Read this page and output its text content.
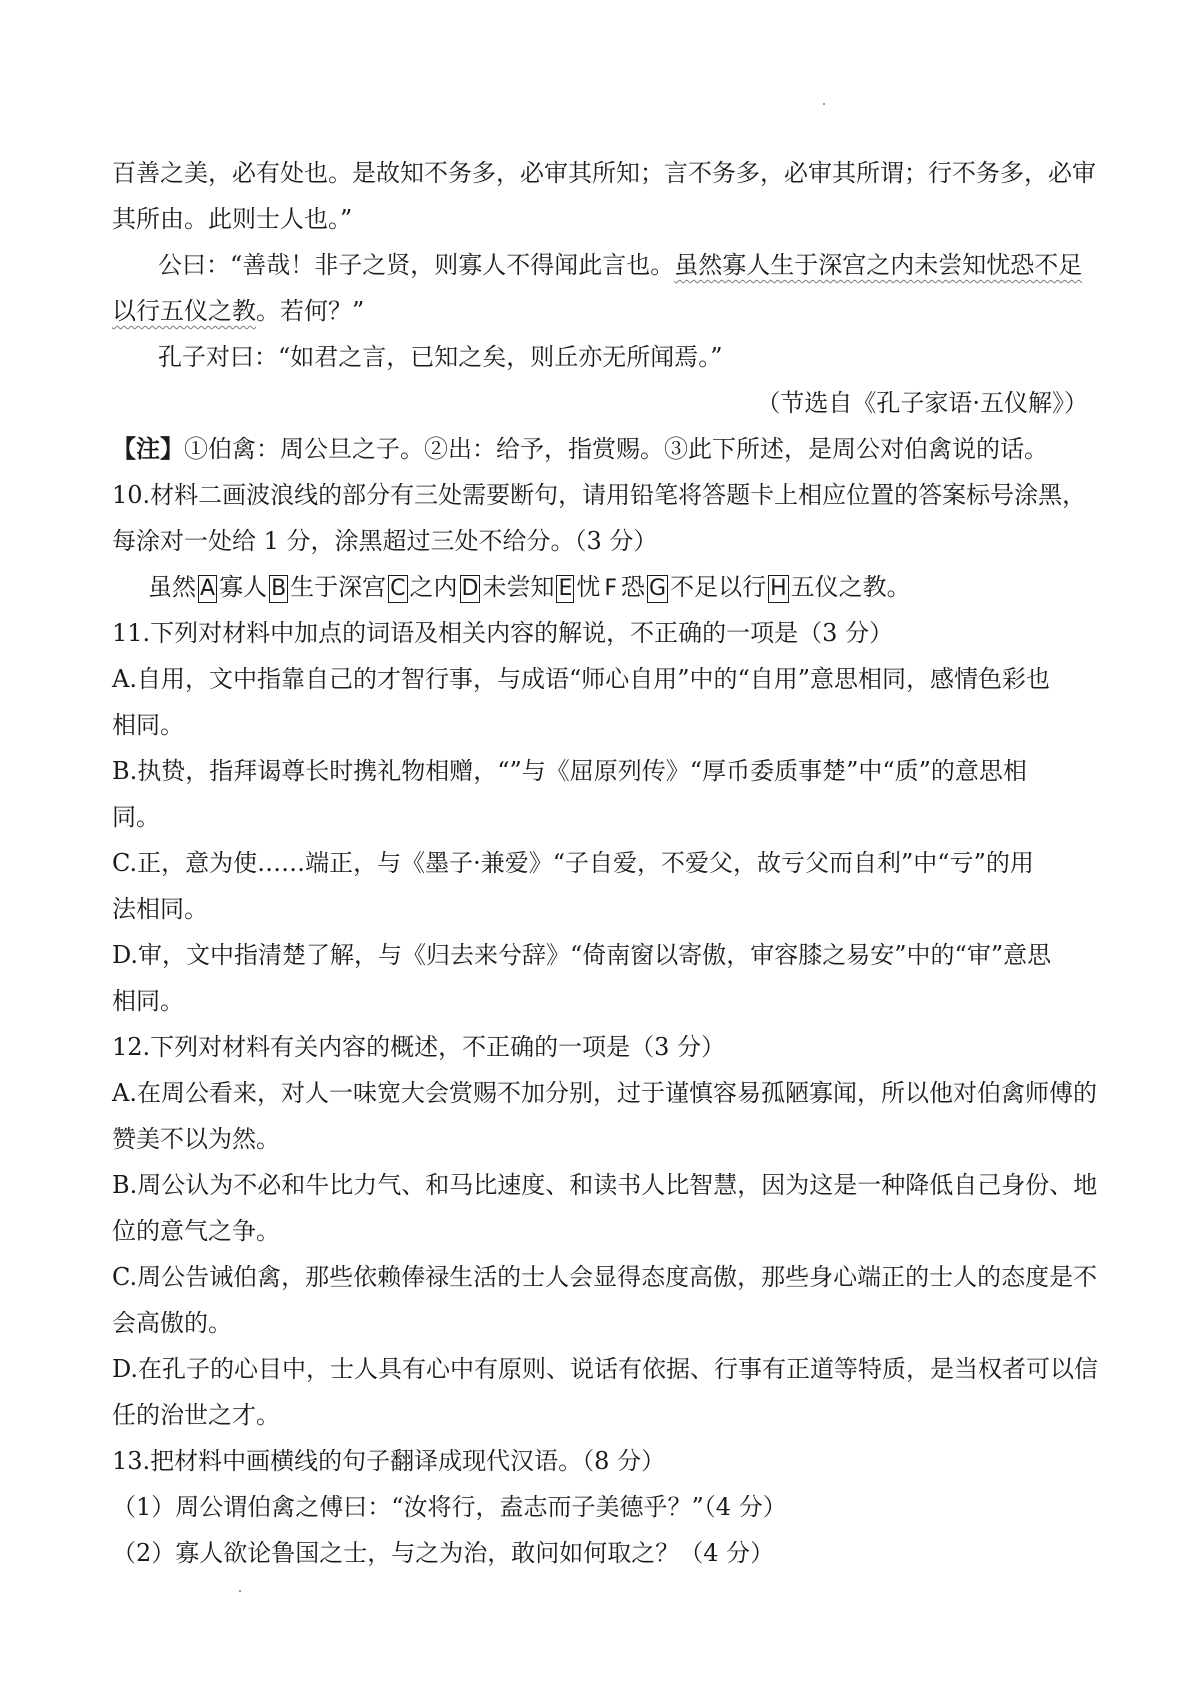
百善之美，必有处也。是故知不务多，必审其所知；言不务多，必审其所谓；行不务多，必审
其所由。此则士人也。”
公曰：“善哉！非子之贤，则寡人不得闻此言也。虽然寡人生于深宫之内未尝知忧恐不足
以行五仪之教。若何？”
孔子对曰：“如君之言，已知之矣，则丘亦无所闻焉。”
（节选自《孔子家语·五仪解》）
【注】①伯禽：周公旦之子。②出：给予，指赏赐。③此下所述，是周公对伯禽说的话。
10.材料二画波浪线的部分有三处需要断句，请用铅笔将答题卡上相应位置的答案标号涂黑，
每涂对一处给 1 分，涂黑超过三处不给分。（3 分）
虽然 A 寡人 B 生于深宫 C 之内 D 未尝知 E 忧 F 恐 G 不足以行 H 五仪之教。
11.下列对材料中加点的词语及相关内容的解说，不正确的一项是（3 分）
A.自用，文中指靠自己的才智行事，与成语“师心自用”中的“自用”意思相同，感情色彩也
相同。
B.执贽，指拜谒尊长时携礼物相赠，“”与《屈原列传》“厚币委质事楚”中“质”的意思相
同。
C.正，意为使……端正，与《墨子·兼爱》“子自爱，不爱父，故亏父而自利”中“亏”的用
法相同。
D.审，文中指清楚了解，与《归去来兮辞》“倚南窗以寄傲，审容膝之易安”中的“审”意思
相同。
12.下列对材料有关内容的概述，不正确的一项是（3 分）
A.在周公看来，对人一味宽大会赏赐不加分别，过于谨慎容易孤陋寡闻，所以他对伯禽师傅的
赞美不以为然。
B.周公认为不必和牛比力气、和马比速度、和读书人比智慧，因为这是一种降低自己身份、地
位的意气之争。
C.周公告诫伯禽，那些依赖俸禄生活的士人会显得态度高傲，那些身心端正的士人的态度是不
会高傲的。
D.在孔子的心目中，士人具有心中有原则、说话有依据、行事有正道等特质，是当权者可以信
任的治世之才。
13.把材料中画横线的句子翻译成现代汉语。（8 分）
（1）周公谓伯禽之傅曰：“汝将行，盍志而子美德乎？”（4 分）
（2）寡人欲论鲁国之士，与之为治，敢问如何取之？（4 分）
